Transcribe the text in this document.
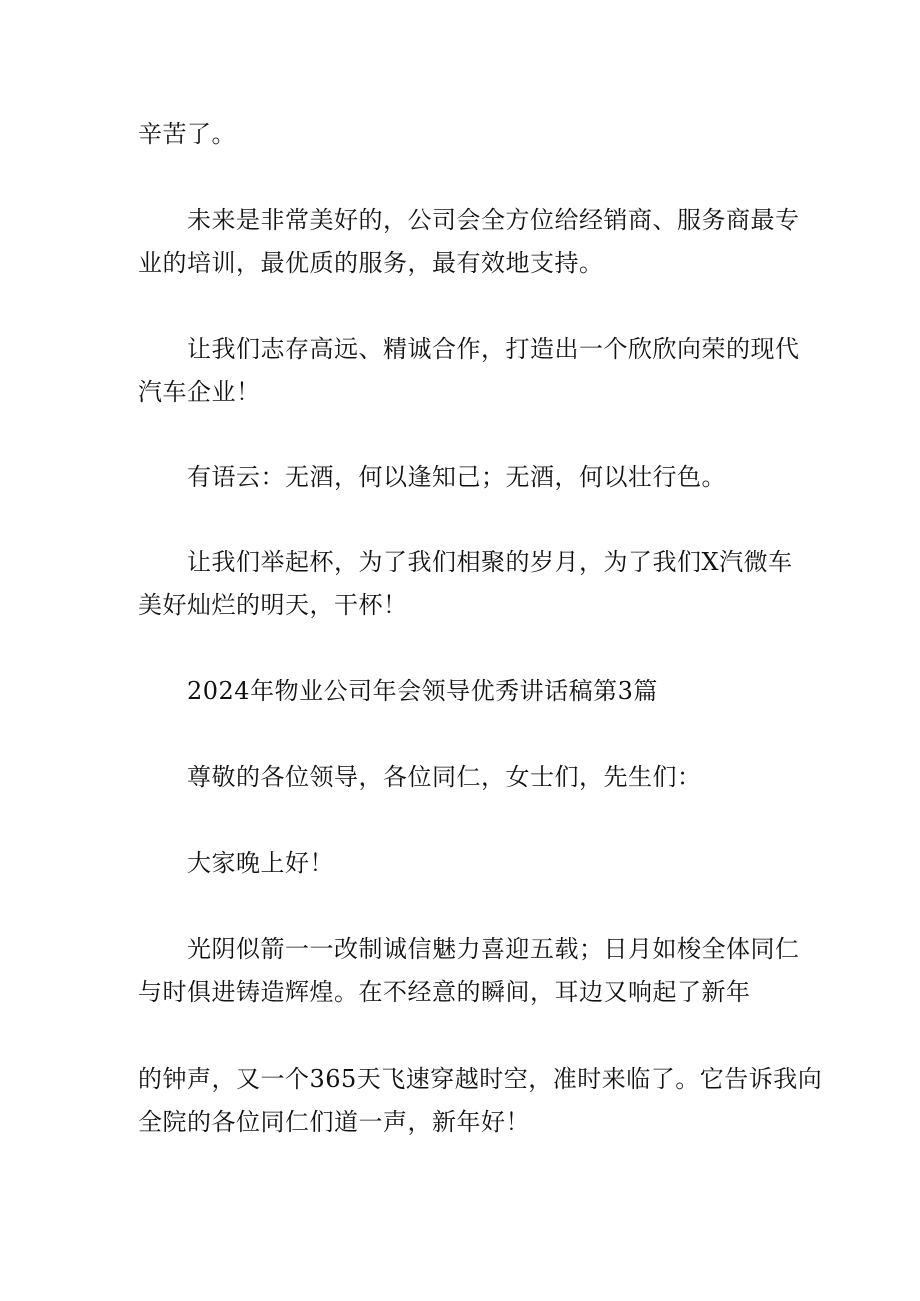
辛苦了。
未来是非常美好的，公司会全方位给经销商、服务商最专
业的培训，最优质的服务，最有效地支持。
让我们志存高远、精诚合作，打造出一个欣欣向荣的现代
汽车企业！
有语云：无酒，何以逢知己；无酒，何以壮行色。
让我们举起杯，为了我们相聚的岁月，为了我们X汽微车
美好灿烂的明天，干杯！
2024年物业公司年会领导优秀讲话稿第3篇
尊敬的各位领导，各位同仁，女士们，先生们：
大家晚上好！
光阴似箭一一改制诚信魅力喜迎五载；日月如梭全体同仁
与时俱进铸造辉煌。在不经意的瞬间，耳边又响起了新年
的钟声，又一个365天飞速穿越时空，准时来临了。它告诉我向
全院的各位同仁们道一声，新年好！
